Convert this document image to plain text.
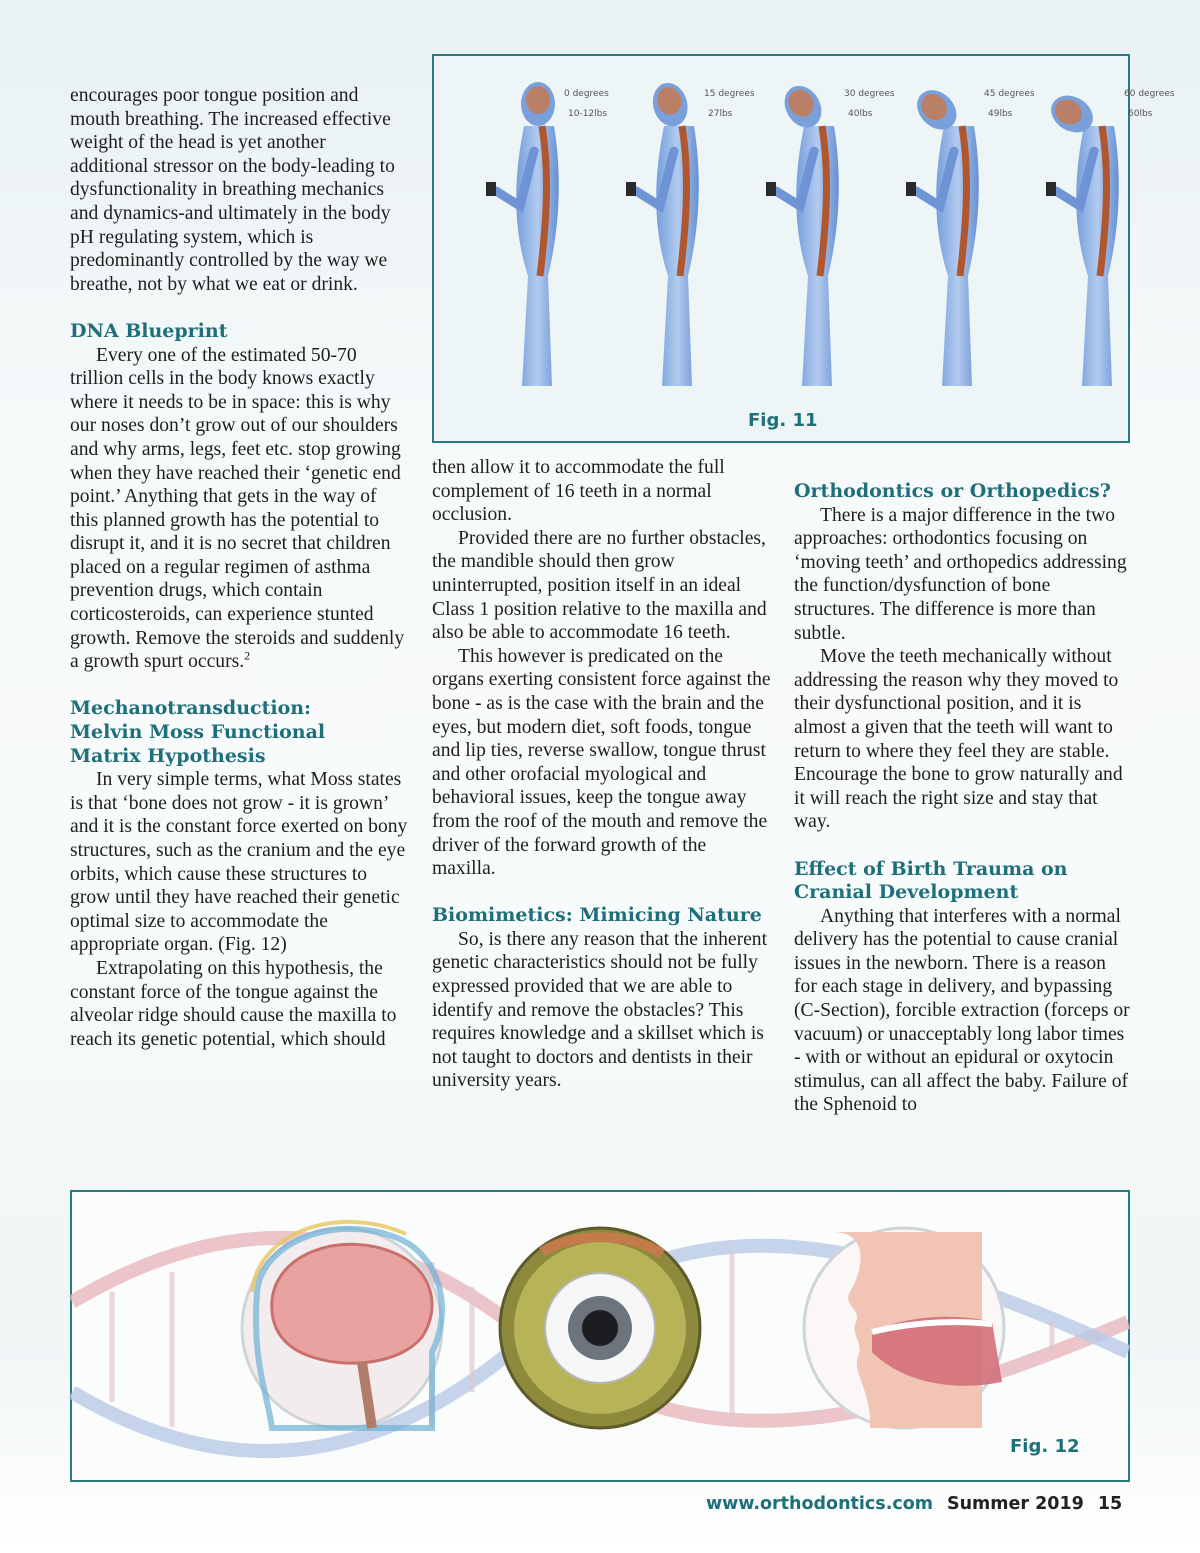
encourages poor tongue position and mouth breathing. The increased effective weight of the head is yet another additional stressor on the body-leading to dysfunctionality in breathing mechanics and dynamics-and ultimately in the body pH regulating system, which is predominantly controlled by the way we breathe, not by what we eat or drink.

DNA Blueprint

Every one of the estimated 50-70 trillion cells in the body knows exactly where it needs to be in space: this is why our noses don’t grow out of our shoulders and why arms, legs, feet etc. stop growing when they have reached their ‘genetic end point.’ Anything that gets in the way of this planned growth has the potential to disrupt it, and it is no secret that children placed on a regular regimen of asthma prevention drugs, which contain corticosteroids, can experience stunted growth. Remove the steroids and suddenly a growth spurt occurs.$^2$

Mechanotransduction:
Melvin Moss Functional
Matrix Hypothesis

In very simple terms, what Moss states is that ‘bone does not grow - it is grown’ and it is the constant force exerted on bony structures, such as the cranium and the eye orbits, which cause these structures to grow until they have reached their genetic optimal size to accommodate the appropriate organ. (Fig. 12)

Extrapolating on this hypothesis, the constant force of the tongue against the alveolar ridge should cause the maxilla to reach its genetic potential, which should

0 degrees
10-12lbs
15 degrees
27lbs
30 degrees
40lbs
45 degrees
49lbs
60 degrees
60lbs
Fig. 11

then allow it to accommodate the full complement of 16 teeth in a normal occlusion.

Provided there are no further obstacles, the mandible should then grow uninterrupted, position itself in an ideal Class 1 position relative to the maxilla and also be able to accommodate 16 teeth.

This however is predicated on the organs exerting consistent force against the bone - as is the case with the brain and the eyes, but modern diet, soft foods, tongue and lip ties, reverse swallow, tongue thrust and other orofacial myological and behavioral issues, keep the tongue away from the roof of the mouth and remove the driver of the forward growth of the maxilla.

Biomimetics: Mimicing Nature

So, is there any reason that the inherent genetic characteristics should not be fully expressed provided that we are able to identify and remove the obstacles? This requires knowledge and a skillset which is not taught to doctors and dentists in their university years.

Orthodontics or Orthopedics?

There is a major difference in the two approaches: orthodontics focusing on ‘moving teeth’ and orthopedics addressing the function/dysfunction of bone structures. The difference is more than subtle.

Move the teeth mechanically without addressing the reason why they moved to their dysfunctional position, and it is almost a given that the teeth will want to return to where they feel they are stable. Encourage the bone to grow naturally and it will reach the right size and stay that way.

Effect of Birth Trauma on
Cranial Development

Anything that interferes with a normal delivery has the potential to cause cranial issues in the newborn. There is a reason for each stage in delivery, and bypassing (C-Section), forcible extraction (forceps or vacuum) or unacceptably long labor times - with or without an epidural or oxytocin stimulus, can all affect the baby. Failure of the Sphenoid to

Fig. 12
www.orthodontics.com Summer 2019 15
